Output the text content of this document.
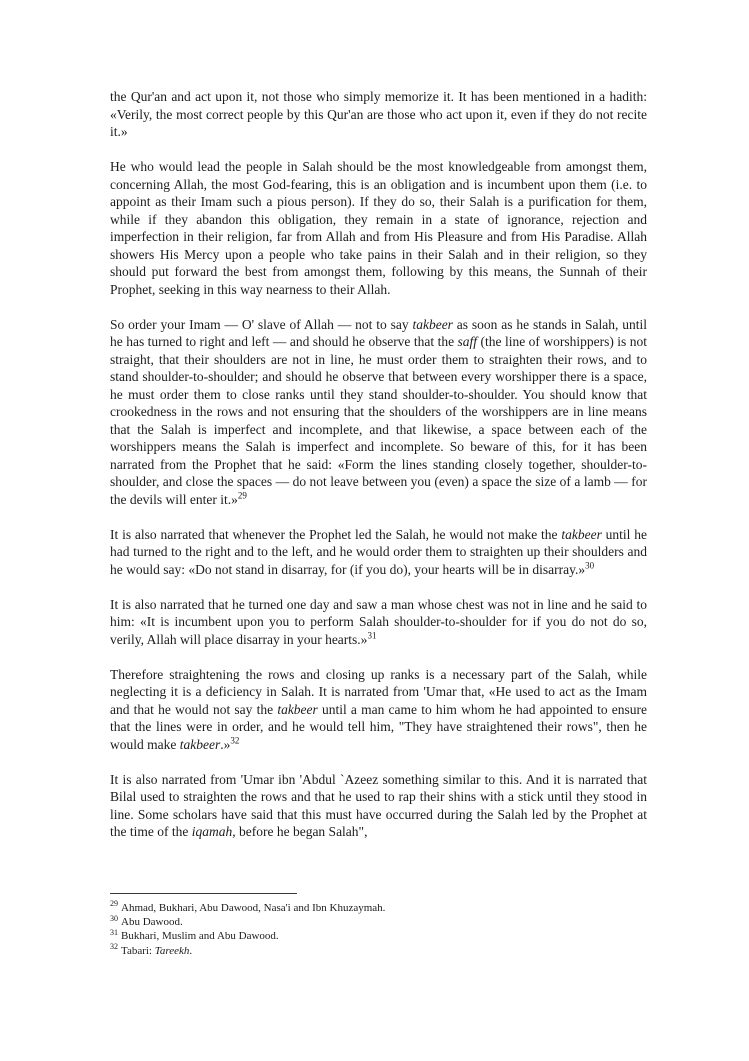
the Qur'an and act upon it, not those who simply memorize it. It has been mentioned in a hadith: «Verily, the most correct people by this Qur'an are those who act upon it, even if they do not recite it.»

He who would lead the people in Salah should be the most knowledgeable from amongst them, concerning Allah, the most God-fearing, this is an obligation and is incumbent upon them (i.e. to appoint as their Imam such a pious person). If they do so, their Salah is a purification for them, while if they abandon this obligation, they remain in a state of ignorance, rejection and imperfection in their religion, far from Allah and from His Pleasure and from His Paradise. Allah showers His Mercy upon a people who take pains in their Salah and in their religion, so they should put forward the best from amongst them, following by this means, the Sunnah of their Prophet, seeking in this way nearness to their Allah.

So order your Imam — O' slave of Allah — not to say takbeer as soon as he stands in Salah, until he has turned to right and left — and should he observe that the saff (the line of worshippers) is not straight, that their shoulders are not in line, he must order them to straighten their rows, and to stand shoulder-to-shoulder; and should he observe that between every worshipper there is a space, he must order them to close ranks until they stand shoulder-to-shoulder. You should know that crookedness in the rows and not ensuring that the shoulders of the worshippers are in line means that the Salah is imperfect and incomplete, and that likewise, a space between each of the worshippers means the Salah is imperfect and incomplete. So beware of this, for it has been narrated from the Prophet that he said: «Form the lines standing closely together, shoulder-to-shoulder, and close the spaces — do not leave between you (even) a space the size of a lamb — for the devils will enter it.»$^{29}$

It is also narrated that whenever the Prophet led the Salah, he would not make the takbeer until he had turned to the right and to the left, and he would order them to straighten up their shoulders and he would say: «Do not stand in disarray, for (if you do), your hearts will be in disarray.»$^{30}$

It is also narrated that he turned one day and saw a man whose chest was not in line and he said to him: «It is incumbent upon you to perform Salah shoulder-to-shoulder for if you do not do so, verily, Allah will place disarray in your hearts.»$^{31}$

Therefore straightening the rows and closing up ranks is a necessary part of the Salah, while neglecting it is a deficiency in Salah. It is narrated from 'Umar that, «He used to act as the Imam and that he would not say the takbeer until a man came to him whom he had appointed to ensure that the lines were in order, and he would tell him, "They have straightened their rows", then he would make takbeer.»$^{32}$

It is also narrated from 'Umar ibn 'Abdul `Azeez something similar to this. And it is narrated that Bilal used to straighten the rows and that he used to rap their shins with a stick until they stood in line. Some scholars have said that this must have occurred during the Salah led by the Prophet at the time of the iqamah, before he began Salah",

$^{29}$ Ahmad, Bukhari, Abu Dawood, Nasa'i and Ibn Khuzaymah.
$^{30}$ Abu Dawood.
$^{31}$ Bukhari, Muslim and Abu Dawood.
$^{32}$ Tabari: Tareekh.
